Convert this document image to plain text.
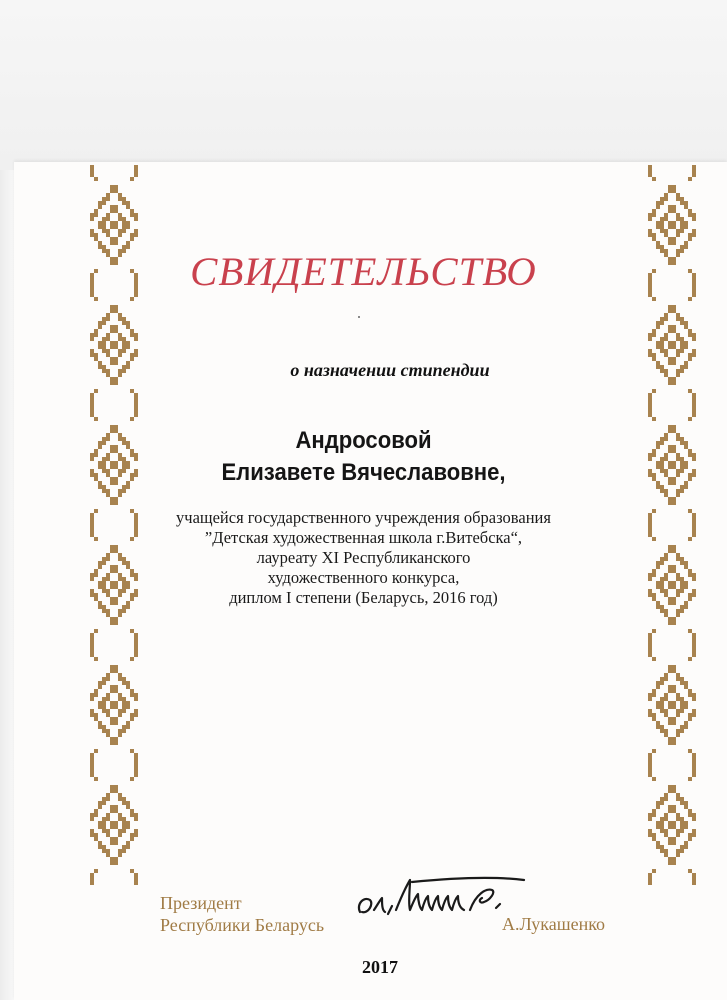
СВИДЕТЕЛЬСТВО
о назначении стипендии
Андросовой
Елизавете Вячеславовне,
учащейся государственного учреждения образования
”Детская художественная школа г.Витебска“,
лауреату XI Республиканского
художественного конкурса,
диплом I степени (Беларусь, 2016 год)
Президент
Республики Беларусь	А.Лукашенко
2017
